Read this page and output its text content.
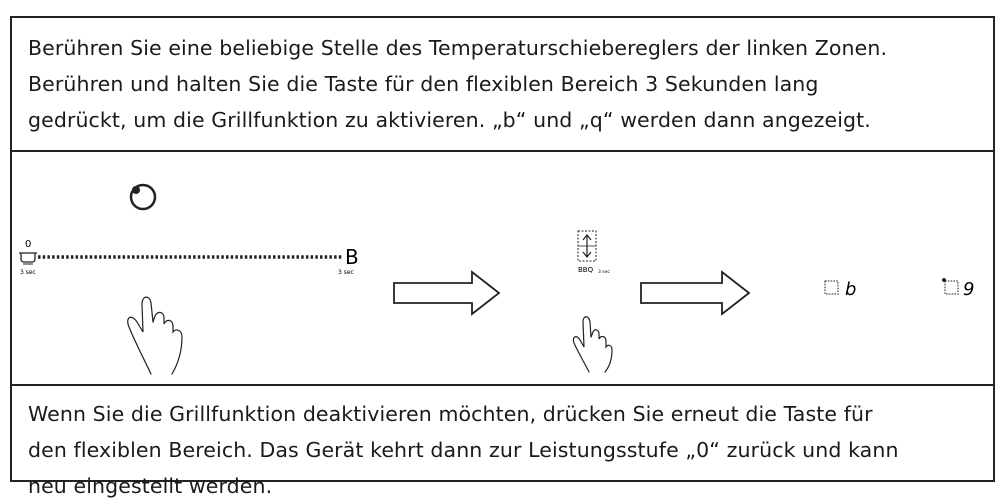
Berühren Sie eine beliebige Stelle des Temperaturschiebereglers der linken Zonen.
Berühren und halten Sie die Taste für den flexiblen Bereich 3 Sekunden lang
gedrückt, um die Grillfunktion zu aktivieren. „b“ und „q“ werden dann angezeigt.
0
B
3 sec	3 sec	BBQ 3 sec
b	9
Wenn Sie die Grillfunktion deaktivieren möchten, drücken Sie erneut die Taste für
den flexiblen Bereich. Das Gerät kehrt dann zur Leistungsstufe „0“ zurück und kann
neu eingestellt werden.
